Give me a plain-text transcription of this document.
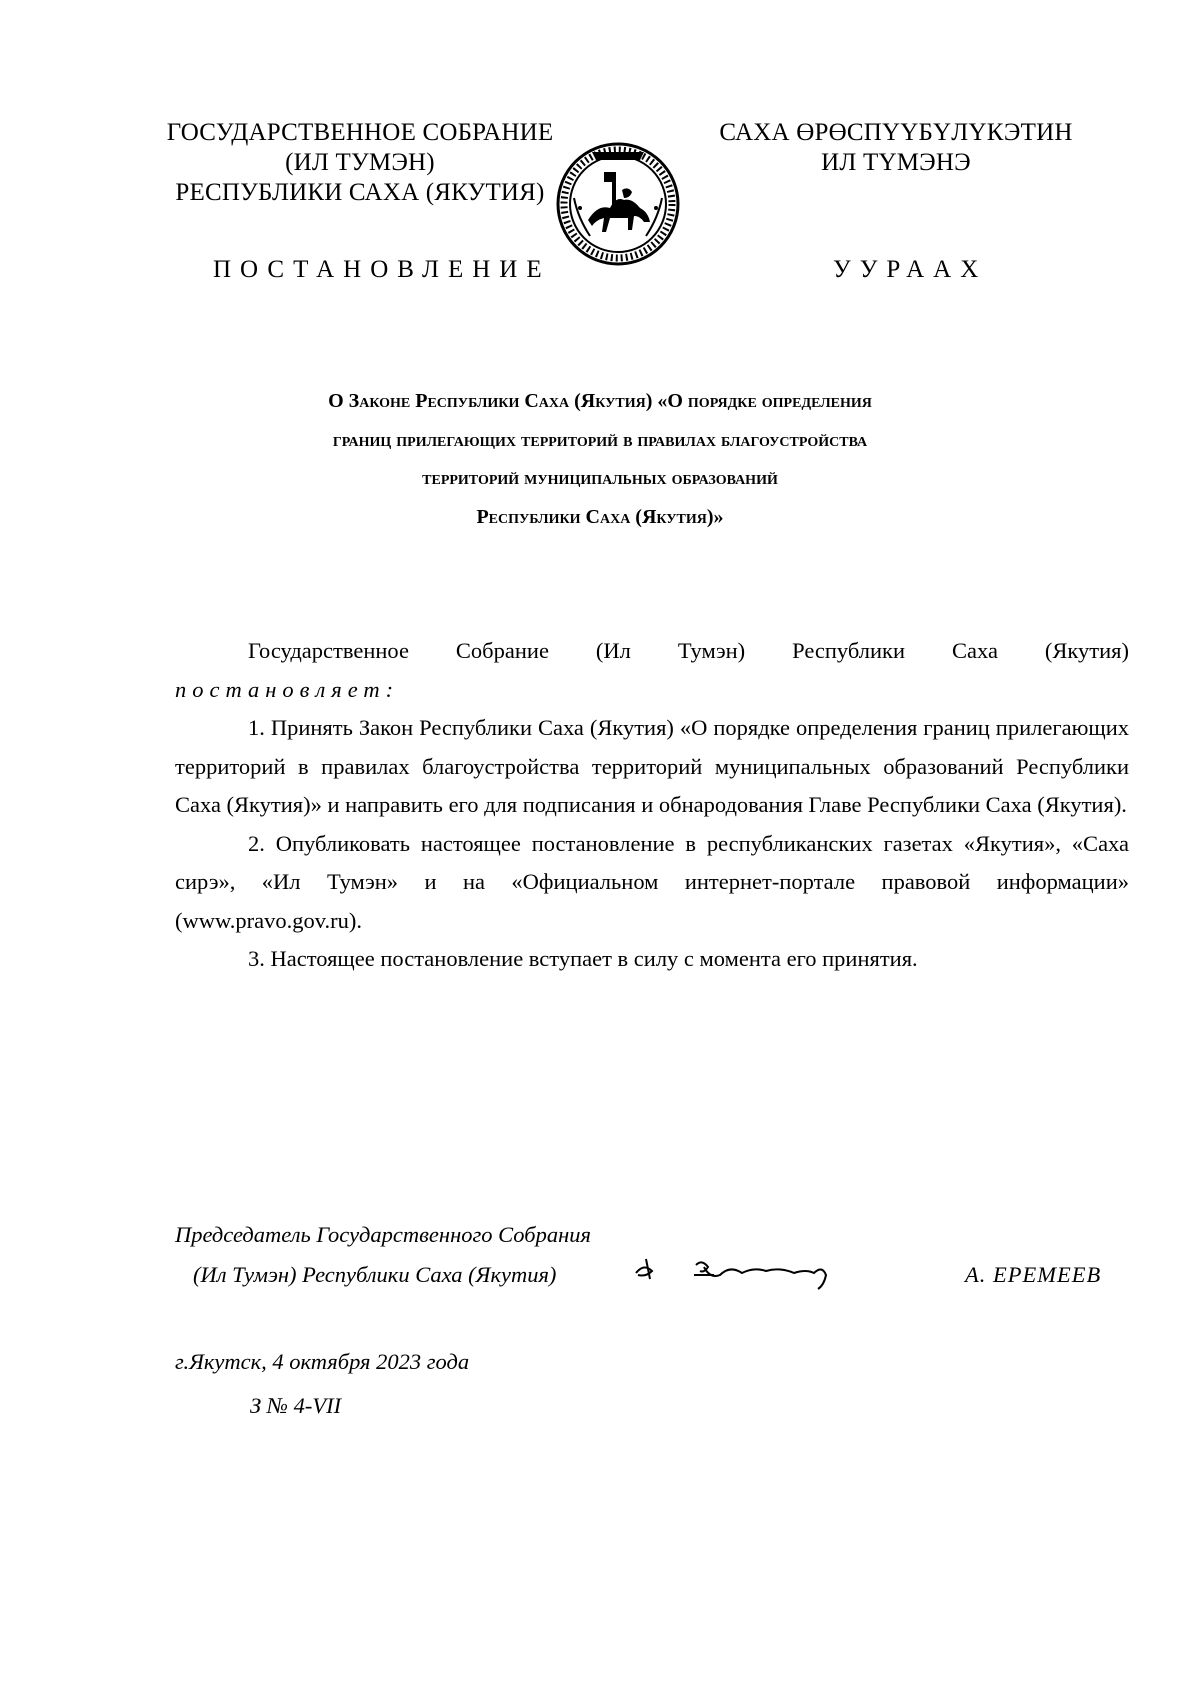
ГОСУДАРСТВЕННОЕ СОБРАНИЕ
(ИЛ ТУМЭН)
РЕСПУБЛИКИ САХА (ЯКУТИЯ)
САХА ӨРӨСПҮҮБҮЛҮКЭТИН
ИЛ ТҮМЭНЭ
ПОСТАНОВЛЕНИЕ	УУРААХ
О Законе Республики Саха (Якутия) «О порядке определения
границ прилегающих территорий в правилах благоустройства
территорий муниципальных образований
Республики Саха (Якутия)»

Государственное Собрание (Ил Тумэн) Республики Саха (Якутия)

постановляет:

1. Принять Закон Республики Саха (Якутия) «О порядке определения границ прилегающих территорий в правилах благоустройства территорий муниципальных образований Республики Саха (Якутия)» и направить его для подписания и обнародования Главе Республики Саха (Якутия).

2. Опубликовать настоящее постановление в республиканских газетах «Якутия», «Саха сирэ», «Ил Тумэн» и на «Официальном интернет-портале правовой информации» (www.pravo.gov.ru).

3. Настоящее постановление вступает в силу с момента его принятия.

Председатель Государственного Собрания
(Ил Тумэн) Республики Саха (Якутия)	А. ЕРЕМЕЕВ
г.Якутск, 4 октября 2023 года
З № 4-VII
